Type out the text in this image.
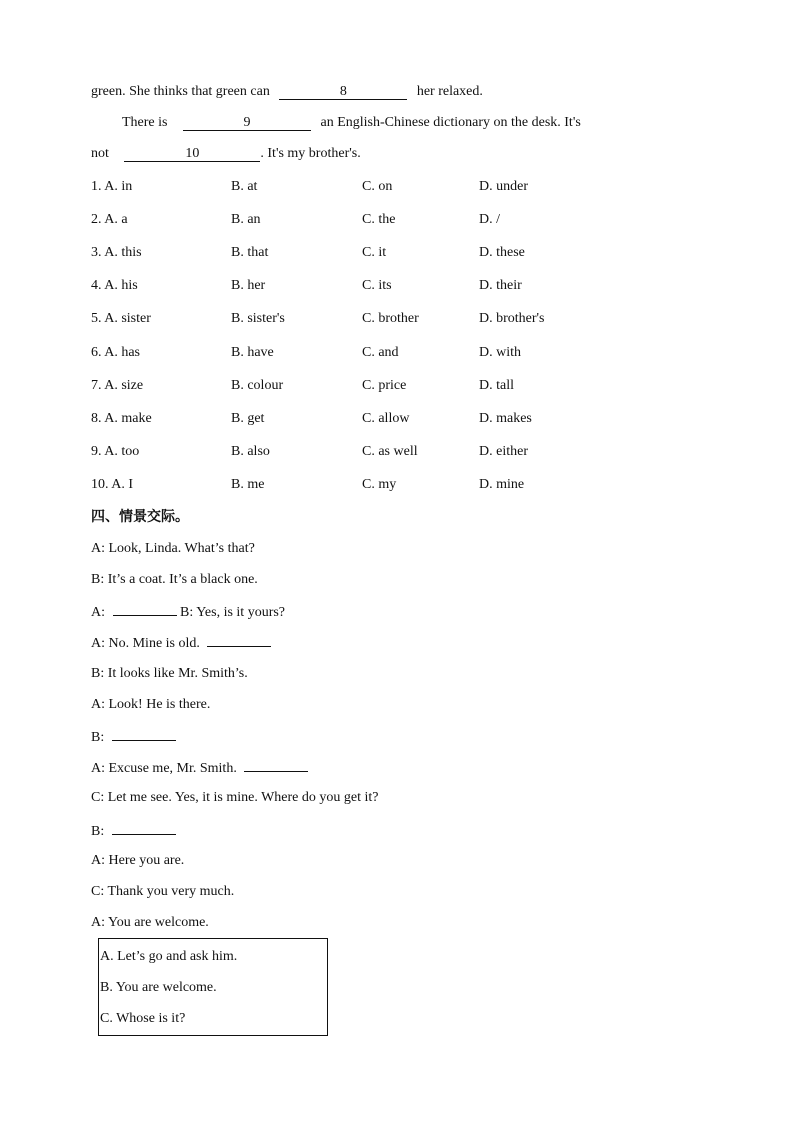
green. She thinks that green can	8	her relaxed.
There is	9	an English-Chinese dictionary on the desk. It's
not	10	. It's my brother's.
1. A. in	B. at	C. on	D. under
2. A. a	B. an	C. the	D. /
3. A. this	B. that	C. it	D. these
4. A. his	B. her	C. its	D. their
5. A. sister	B. sister's	C. brother	D. brother's
6. A. has	B. have	C. and	D. with
7. A. size	B. colour	C. price	D. tall
8. A. make	B. get	C. allow	D. makes
9. A. too	B. also	C. as well	D. either
10. A. I	B. me	C. my	D. mine
四、情景交际。
A: Look, Linda. What’s that?
B: It’s a coat. It’s a black one.
A:	B: Yes, is it yours?
A: No. Mine is old.
B: It looks like Mr. Smith’s.
A: Look! He is there.
B:
A: Excuse me, Mr. Smith.
C: Let me see. Yes, it is mine. Where do you get it?
B:
A: Here you are.
C: Thank you very much.
A: You are welcome.
A. Let’s go and ask him.
B. You are welcome.
C. Whose is it?
